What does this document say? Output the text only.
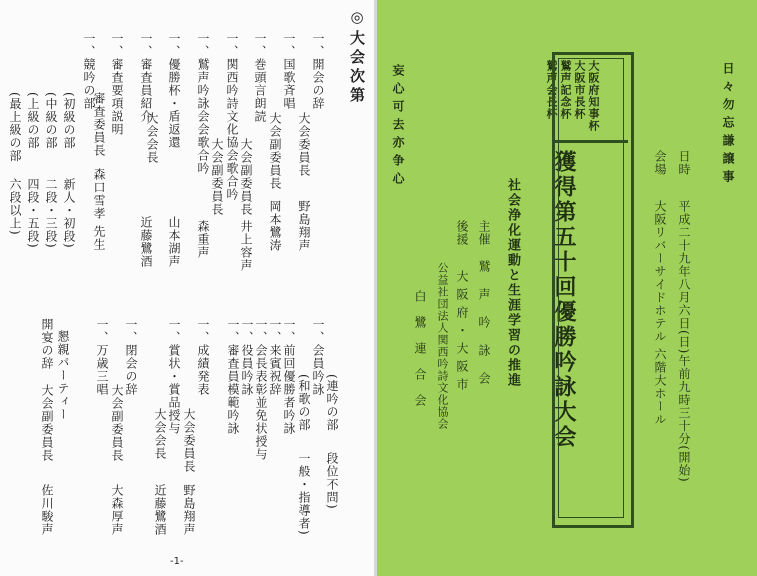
◎大会次第
一、開会の辞
大会委員長
野島翔声
一、国歌斉唱
大会副委員長
岡本鷺涛
一、巻頭言朗読
大会副委員長
井上容声
一、関西吟詩文化協会歌合吟
一、鷲声吟詠会会歌合吟
大会副委員長
森重声
一、優勝杯・盾返還
山本湖声
一、審査員紹介
大会会長
近藤鷺酒
一、審査要項説明
一、競吟の部
審査委員長
森口雪孝 先生
(初級の部
新人・初段)
(中級の部
二段・三段)
(上級の部
四段・五段)
(最上級の部
六段以上)
一、会員吟詠
(連吟の部
段位不問)
(和歌の部
一般・指導者)
一、前回優勝者吟詠
一、来賓祝辞
一、会長表彰並免状授与
一、役員吟詠
一、審査員模範吟詠
一、成績発表
大会委員長
野島翔声
一、賞状・賞品授与
大会会長
近藤鷺酒
一、閉会の辞
大会副委員長
大森厚声
一、万歳三唱
懇親パーティー
開宴の辞
大会副委員長
佐川駿声
-1-
日々勿忘謙譲事
日時
平成二十九年八月六日(日)午前九時三十分(開始)
会場
大阪リバーサイドホテル 六階大ホール
大阪府知事杯
大阪市長杯
鷲声記念杯
鷲声会長杯
獲得第五十回優勝吟詠大会
社会浄化運動と生涯学習の推進
主催
鷲声吟詠会
後援
大阪府・大阪市
公益社団法人関西吟詩文化協会
白鷺連合会
妄心可去亦争心
